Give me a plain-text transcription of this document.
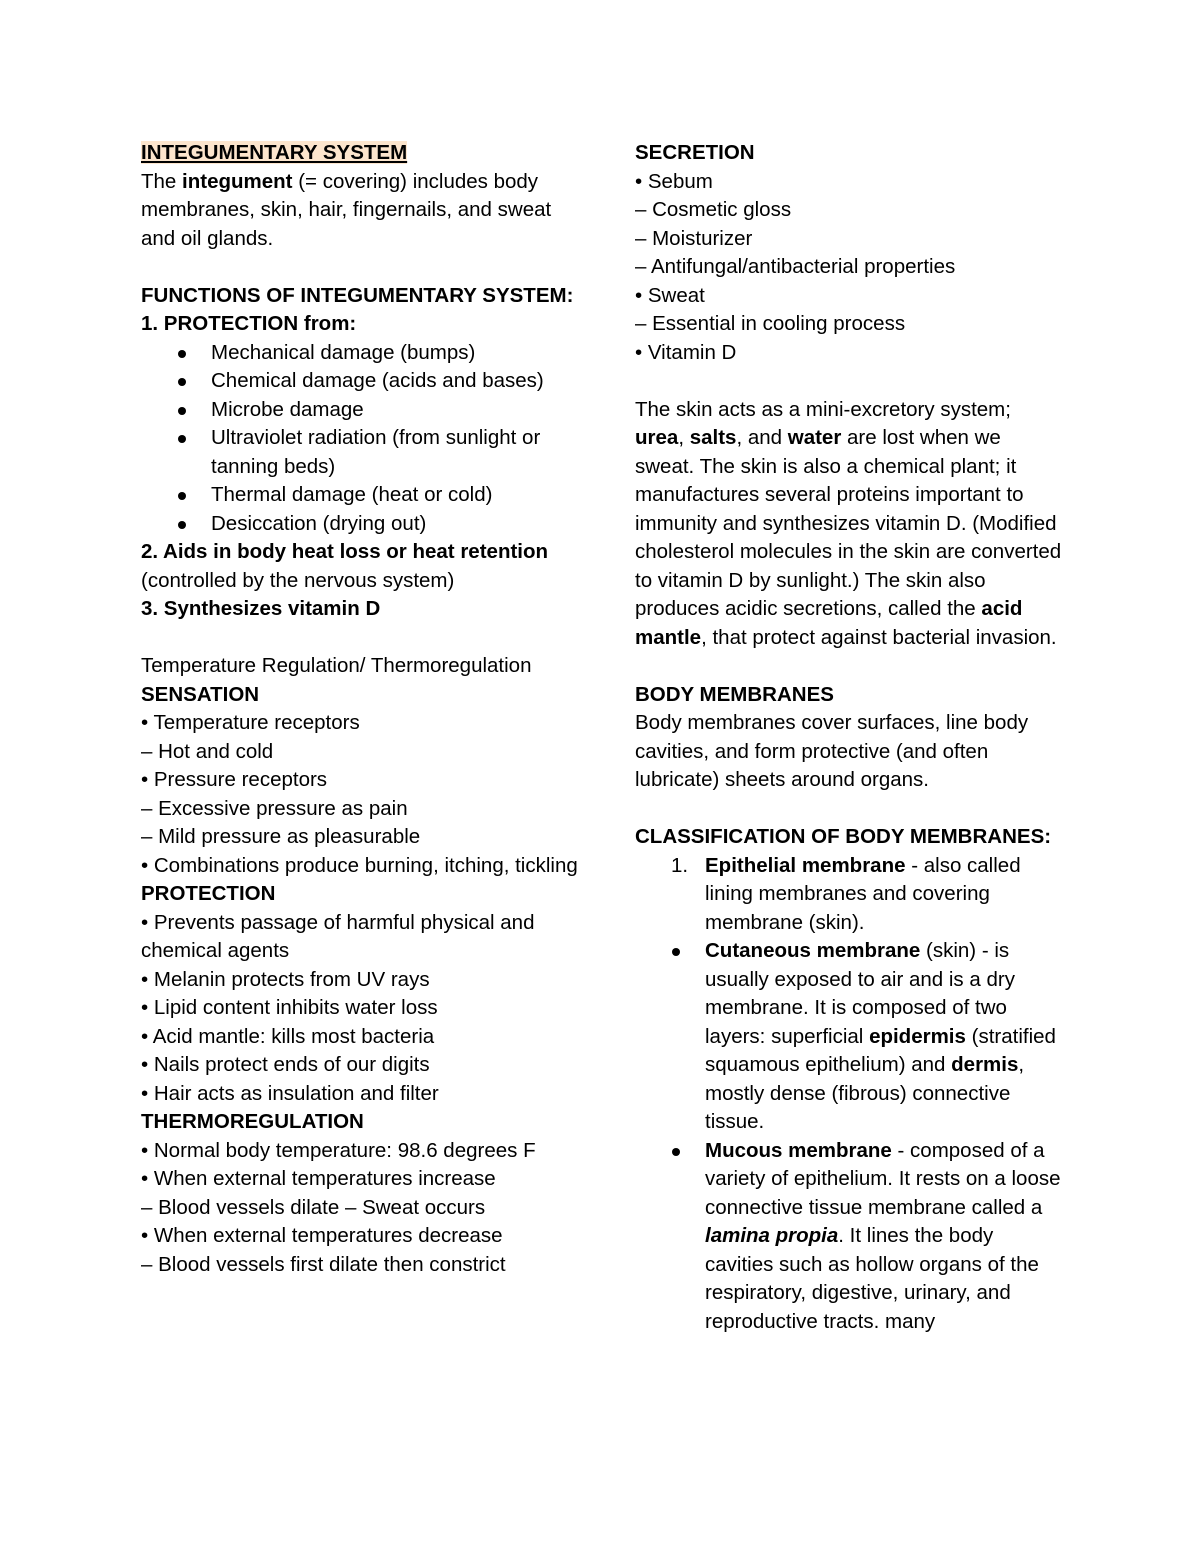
INTEGUMENTARY SYSTEM

The integument (= covering) includes body membranes, skin, hair, fingernails, and sweat and oil glands.

FUNCTIONS OF INTEGUMENTARY SYSTEM:

1. PROTECTION from:

Mechanical damage (bumps)
Chemical damage (acids and bases)
Microbe damage
Ultraviolet radiation (from sunlight or tanning beds)
Thermal damage (heat or cold)
Desiccation (drying out)

2. Aids in body heat loss or heat retention (controlled by the nervous system)

3. Synthesizes vitamin D

Temperature Regulation/ Thermoregulation

SENSATION

• Temperature receptors

– Hot and cold

• Pressure receptors

– Excessive pressure as pain

– Mild pressure as pleasurable

• Combinations produce burning, itching, tickling

PROTECTION

• Prevents passage of harmful physical and chemical agents

• Melanin protects from UV rays

• Lipid content inhibits water loss

• Acid mantle: kills most bacteria

• Nails protect ends of our digits

• Hair acts as insulation and filter

THERMOREGULATION

• Normal body temperature: 98.6 degrees F

• When external temperatures increase

– Blood vessels dilate – Sweat occurs

• When external temperatures decrease

– Blood vessels first dilate then constrict

SECRETION

• Sebum

– Cosmetic gloss

– Moisturizer

– Antifungal/antibacterial properties

• Sweat

– Essential in cooling process

• Vitamin D

The skin acts as a mini-excretory system; urea, salts, and water are lost when we sweat. The skin is also a chemical plant; it manufactures several proteins important to immunity and synthesizes vitamin D. (Modified cholesterol molecules in the skin are converted to vitamin D by sunlight.) The skin also produces acidic secretions, called the acid mantle, that protect against bacterial invasion.

BODY MEMBRANES

Body membranes cover surfaces, line body cavities, and form protective (and often lubricate) sheets around organs.

CLASSIFICATION OF BODY MEMBRANES:

1. Epithelial membrane - also called lining membranes and covering membrane (skin).
Cutaneous membrane (skin) - is usually exposed to air and is a dry membrane. It is composed of two layers: superficial epidermis (stratified squamous epithelium) and dermis, mostly dense (fibrous) connective tissue.
Mucous membrane - composed of a variety of epithelium. It rests on a loose connective tissue membrane called a lamina propia. It lines the body cavities such as hollow organs of the respiratory, digestive, urinary, and reproductive tracts. many
